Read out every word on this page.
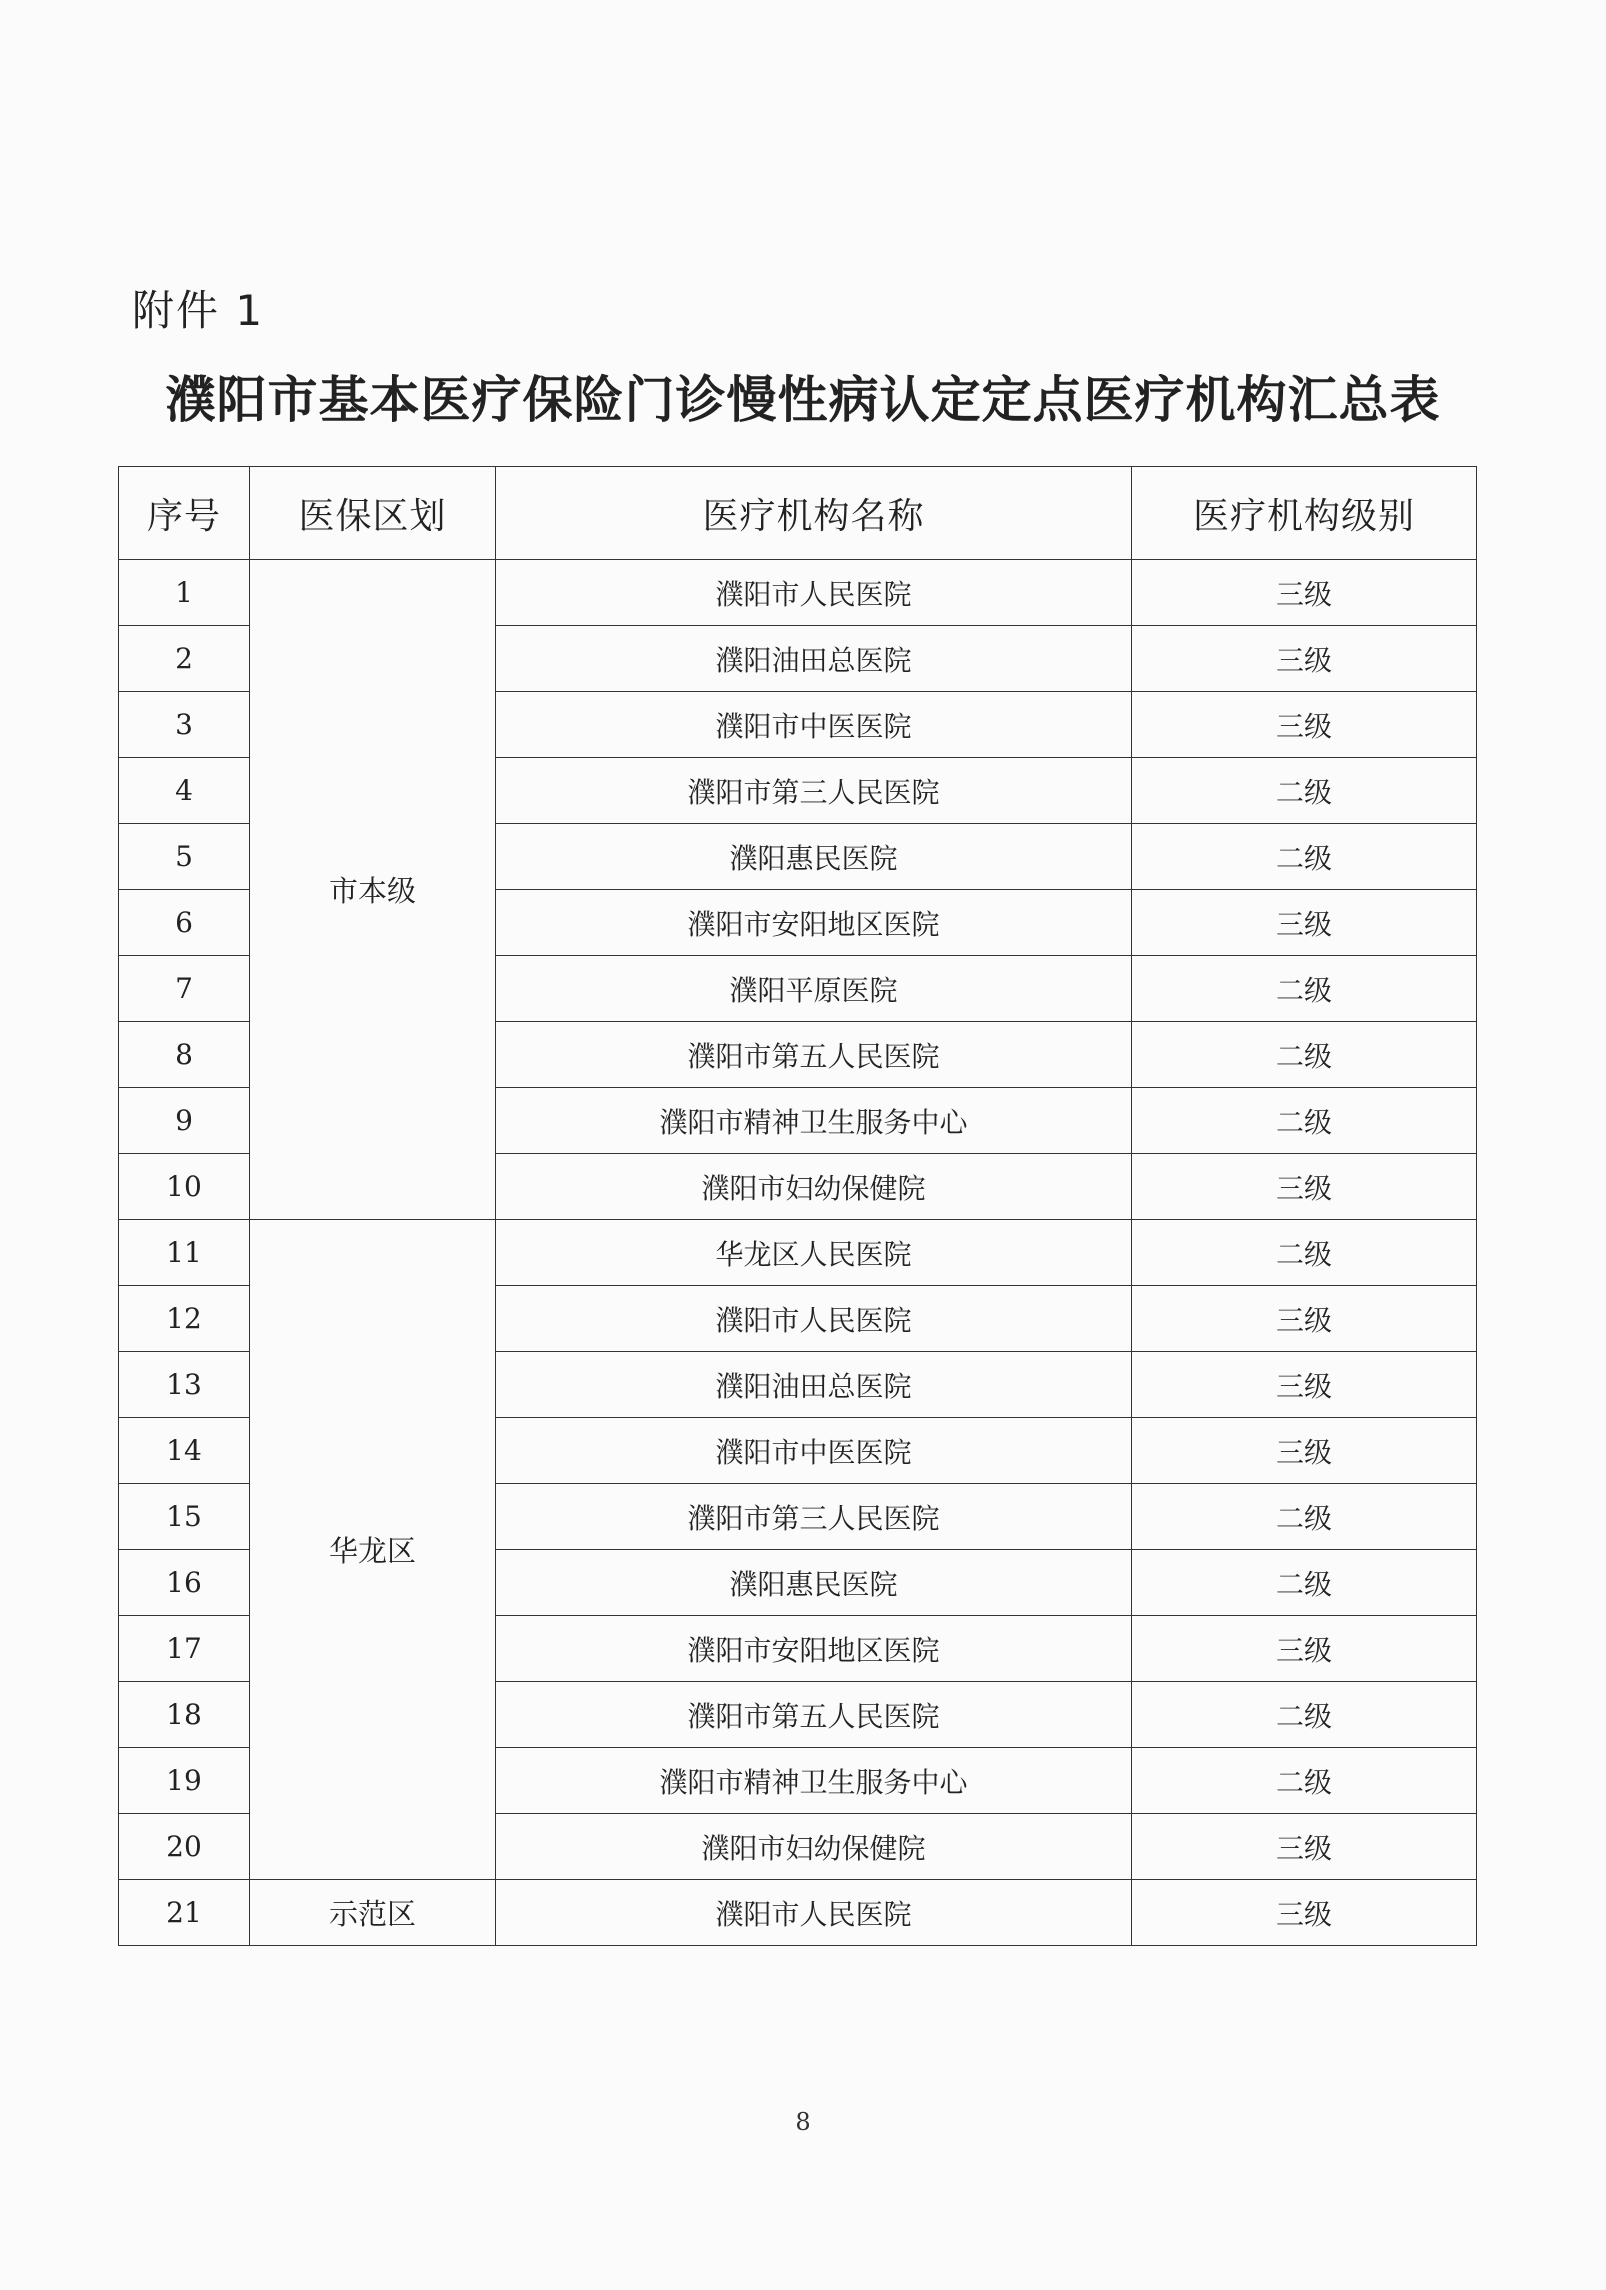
附件 1
濮阳市基本医疗保险门诊慢性病认定定点医疗机构汇总表
序号	医保区划	医疗机构名称	医疗机构级别
1	市本级	濮阳市人民医院	三级
2		濮阳油田总医院	三级
3		濮阳市中医医院	三级
4		濮阳市第三人民医院	二级
5		濮阳惠民医院	二级
6		濮阳市安阳地区医院	三级
7		濮阳平原医院	二级
8		濮阳市第五人民医院	二级
9		濮阳市精神卫生服务中心	二级
10		濮阳市妇幼保健院	三级
11	华龙区	华龙区人民医院	二级
12		濮阳市人民医院	三级
13		濮阳油田总医院	三级
14		濮阳市中医医院	三级
15		濮阳市第三人民医院	二级
16		濮阳惠民医院	二级
17		濮阳市安阳地区医院	三级
18		濮阳市第五人民医院	二级
19		濮阳市精神卫生服务中心	二级
20		濮阳市妇幼保健院	三级
21	示范区	濮阳市人民医院	三级
8
